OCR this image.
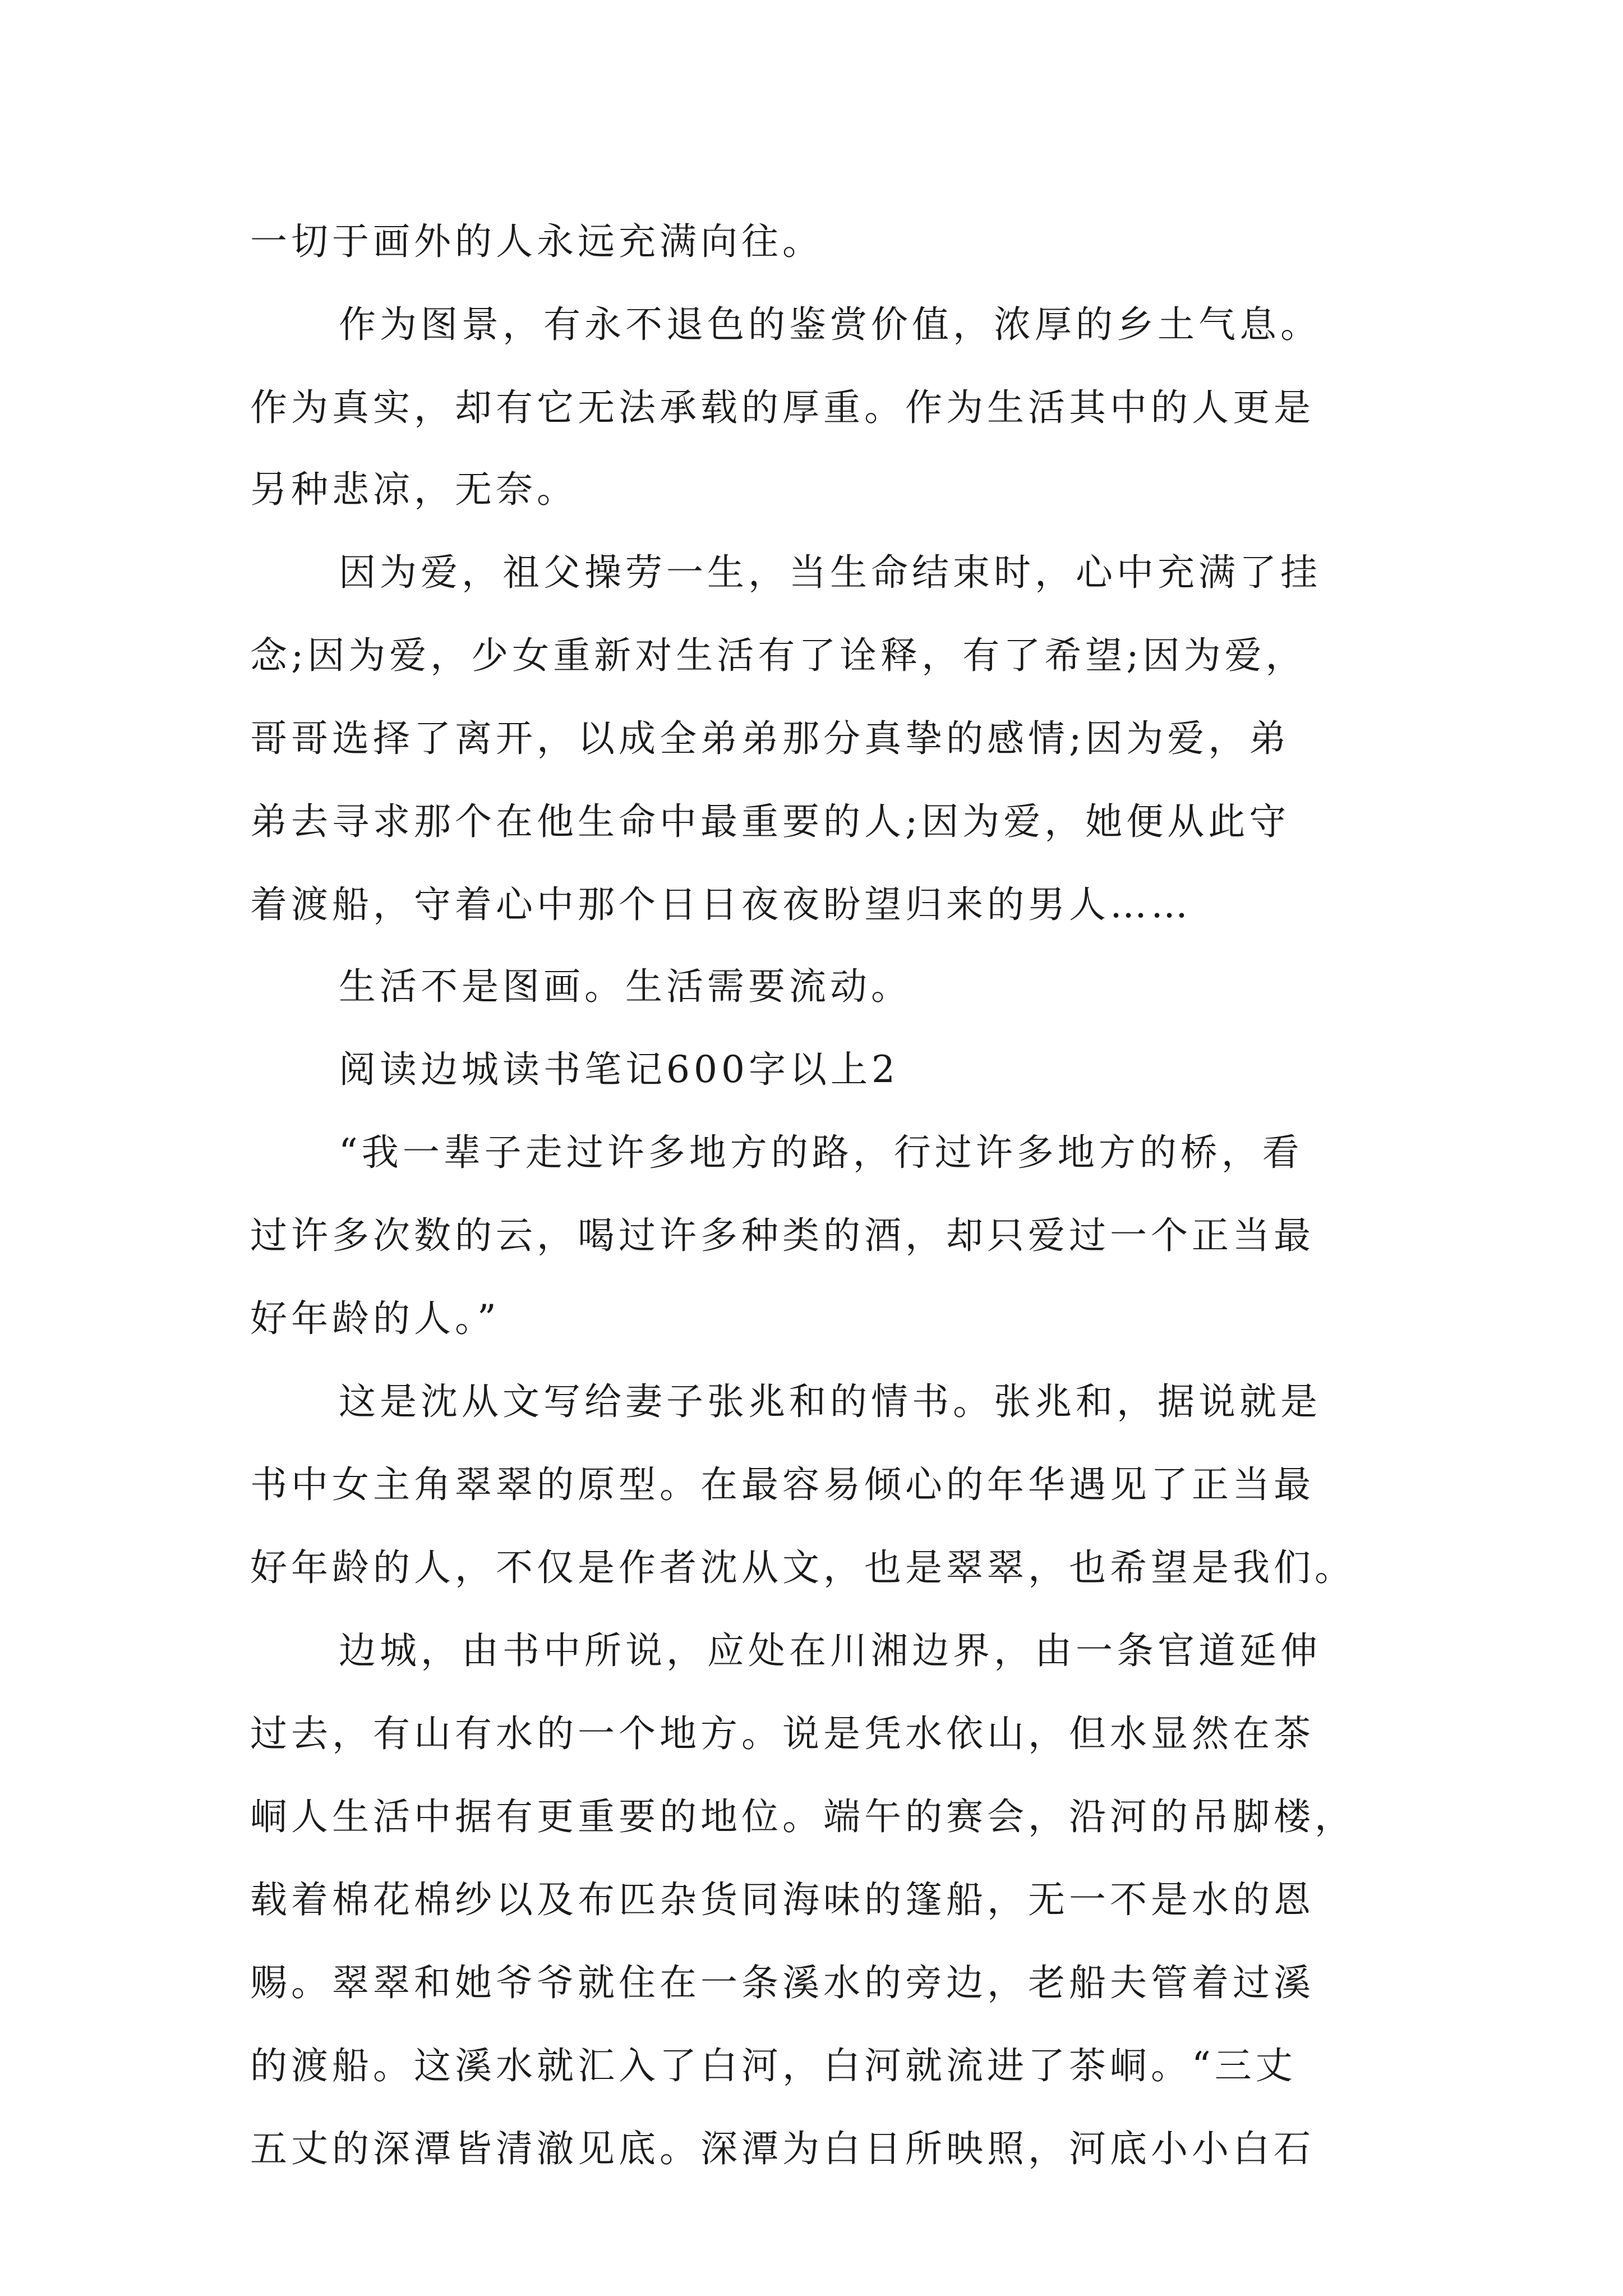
一切于画外的人永远充满向往。
作为图景，有永不退色的鉴赏价值，浓厚的乡土气息。
作为真实，却有它无法承载的厚重。作为生活其中的人更是
另种悲凉，无奈。
因为爱，祖父操劳一生，当生命结束时，心中充满了挂
念;因为爱，少女重新对生活有了诠释，有了希望;因为爱，
哥哥选择了离开，以成全弟弟那分真挚的感情;因为爱，弟
弟去寻求那个在他生命中最重要的人;因为爱，她便从此守
着渡船，守着心中那个日日夜夜盼望归来的男人……
生活不是图画。生活需要流动。
阅读边城读书笔记600字以上2
“我一辈子走过许多地方的路，行过许多地方的桥，看
过许多次数的云，喝过许多种类的酒，却只爱过一个正当最
好年龄的人。”
这是沈从文写给妻子张兆和的情书。张兆和，据说就是
书中女主角翠翠的原型。在最容易倾心的年华遇见了正当最
好年龄的人，不仅是作者沈从文，也是翠翠，也希望是我们。
边城，由书中所说，应处在川湘边界，由一条官道延伸
过去，有山有水的一个地方。说是凭水依山，但水显然在茶
峒人生活中据有更重要的地位。端午的赛会，沿河的吊脚楼，
载着棉花棉纱以及布匹杂货同海味的篷船，无一不是水的恩
赐。翠翠和她爷爷就住在一条溪水的旁边，老船夫管着过溪
的渡船。这溪水就汇入了白河，白河就流进了茶峒。“三丈
五丈的深潭皆清澈见底。深潭为白日所映照，河底小小白石
